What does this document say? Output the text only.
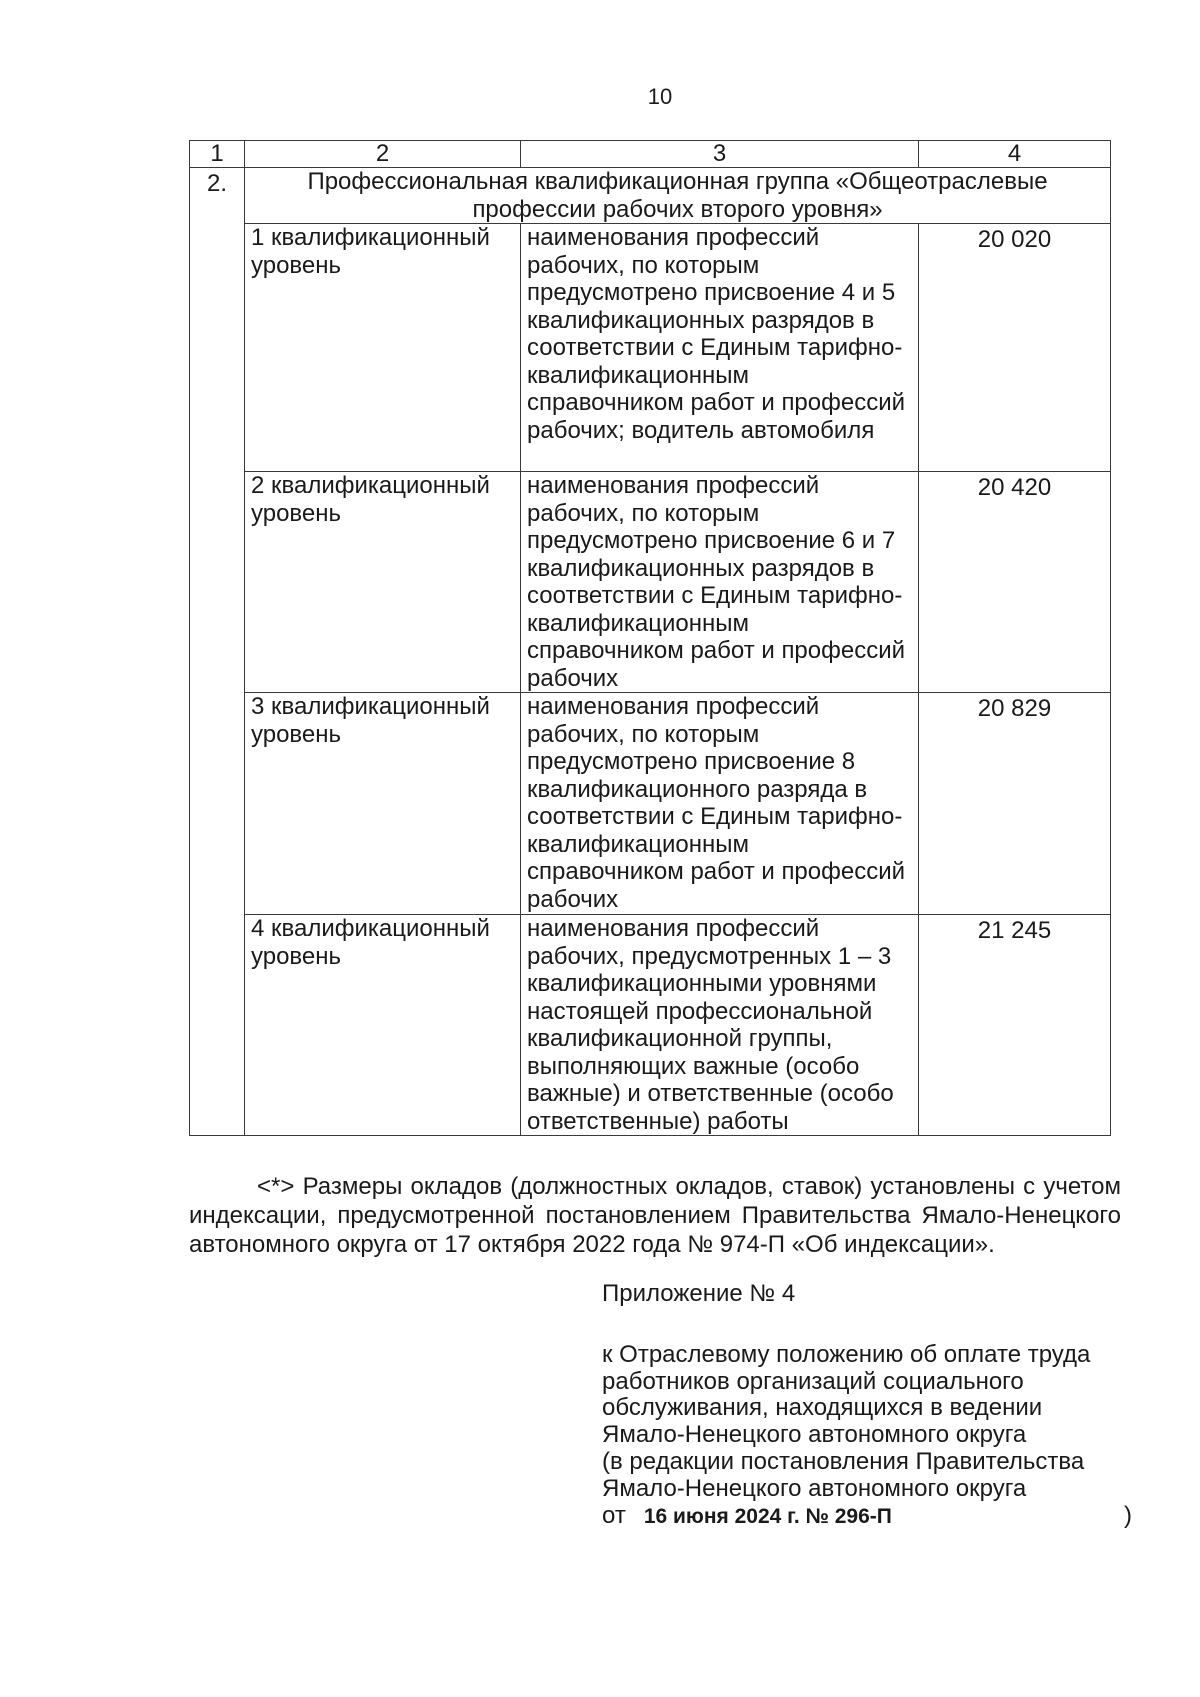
10
1	2	3	4
2.	Профессиональная квалификационная группа «Общеотраслевые профессии рабочих второго уровня»		
	1 квалификационный уровень	наименования профессий рабочих, по которым предусмотрено присвоение 4 и 5 квалификационных разрядов в соответствии с Единым тарифно-квалификационным справочником работ и профессий рабочих; водитель автомобиля	20 020
	2 квалификационный уровень	наименования профессий рабочих, по которым предусмотрено присвоение 6 и 7 квалификационных разрядов в соответствии с Единым тарифно-квалификационным справочником работ и профессий рабочих	20 420
	3 квалификационный уровень	наименования профессий рабочих, по которым предусмотрено присвоение 8 квалификационного разряда в соответствии с Единым тарифно-квалификационным справочником работ и профессий рабочих	20 829
	4 квалификационный уровень	наименования профессий рабочих, предусмотренных 1 – 3 квалификационными уровнями настоящей профессиональной квалификационной группы, выполняющих важные (особо важные) и ответственные (особо ответственные) работы	21 245

<*> Размеры окладов (должностных окладов, ставок) установлены с учетом индексации, предусмотренной постановлением Правительства Ямало-Ненецкого автономного округа от 17 октября 2022 года № 974-П «Об индексации».

Приложение № 4

к Отраслевому положению об оплате труда

работников организаций социального

обслуживания, находящихся в ведении

Ямало-Ненецкого автономного округа

(в редакции постановления Правительства

Ямало-Ненецкого автономного округа

от 16 июня 2024 г. № 296-П	)
